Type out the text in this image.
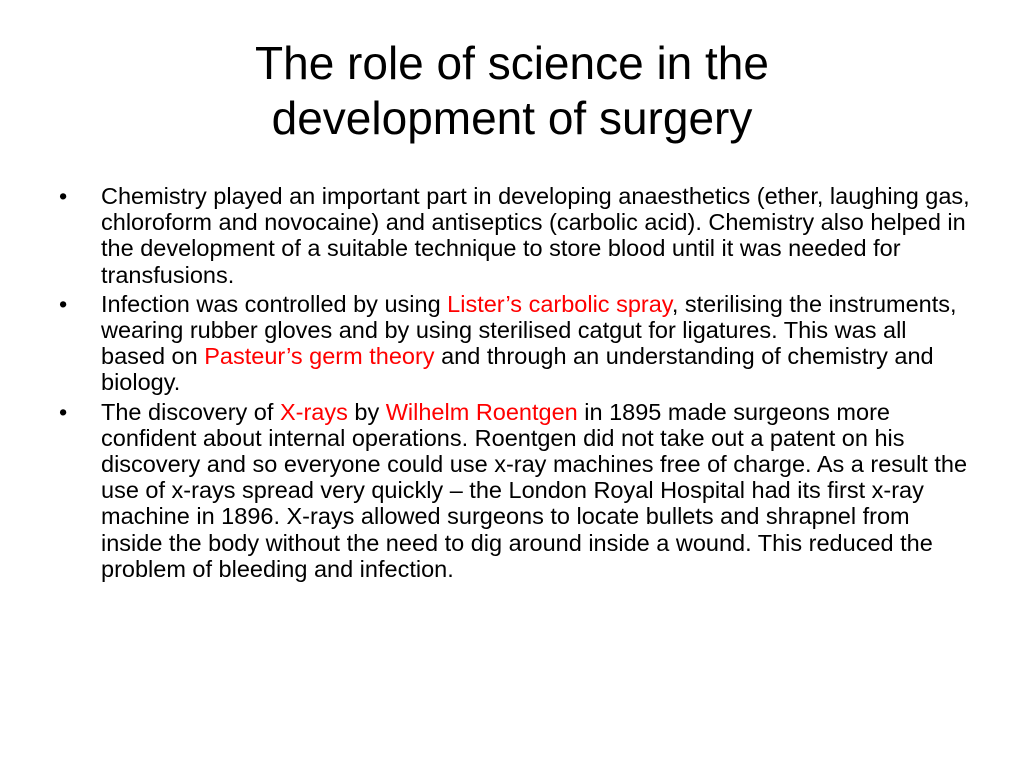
The role of science in the
development of surgery
• Chemistry played an important part in developing anaesthetics (ether, laughing gas, chloroform and novocaine) and antiseptics (carbolic acid). Chemistry also helped in the development of a suitable technique to store blood until it was needed for transfusions.
• Infection was controlled by using Lister’s carbolic spray, sterilising the instruments, wearing rubber gloves and by using sterilised catgut for ligatures. This was all based on Pasteur’s germ theory and through an understanding of chemistry and biology.
• The discovery of X-rays by Wilhelm Roentgen in 1895 made surgeons more confident about internal operations. Roentgen did not take out a patent on his discovery and so everyone could use x-ray machines free of charge. As a result the use of x-rays spread very quickly – the London Royal Hospital had its first x-ray machine in 1896. X-rays allowed surgeons to locate bullets and shrapnel from inside the body without the need to dig around inside a wound. This reduced the problem of bleeding and infection.
